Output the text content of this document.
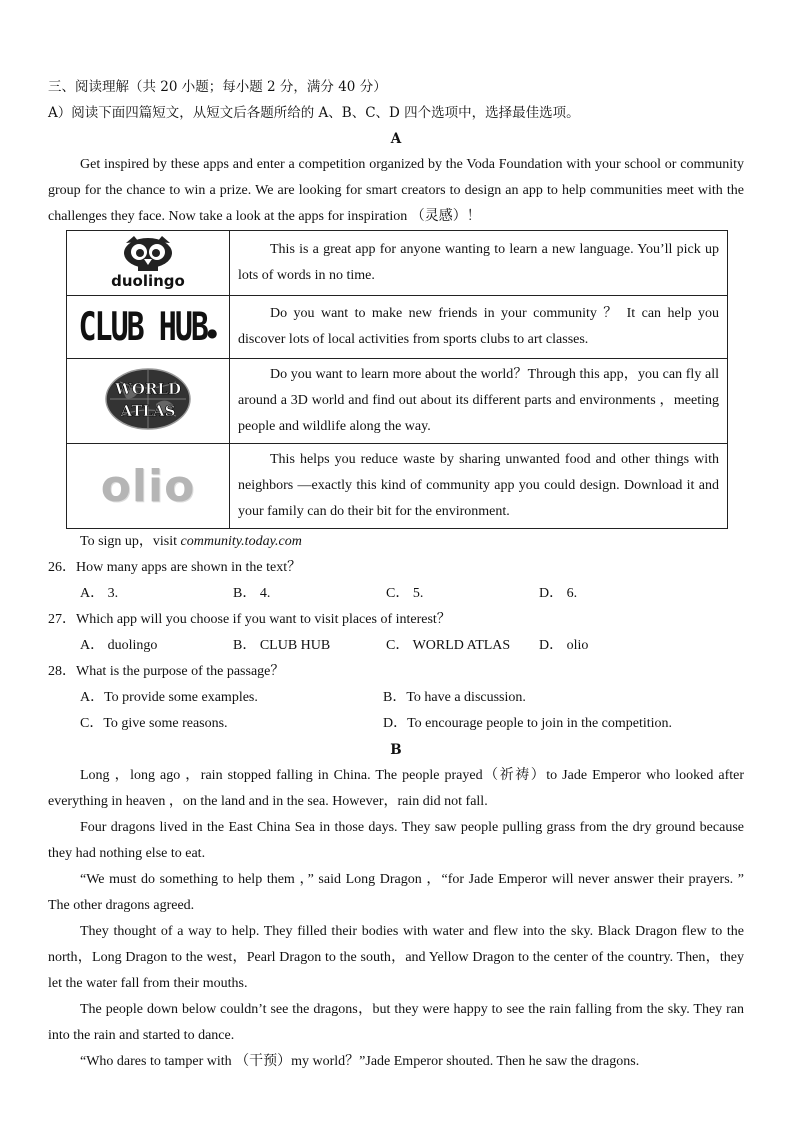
三、阅读理解（共 20 小题；每小题 2 分，满分 40 分）
A）阅读下面四篇短文，从短文后各题所给的 A、B、C、D 四个选项中，选择最佳选项。
A

Get inspired by these apps and enter a competition organized by the Voda Foundation with your school or community group for the chance to win a prize. We are looking for smart creators to design an app to help communities meet with the challenges they face. Now take a look at the apps for inspiration （灵感）！

duolingo	This is a great app for anyone wanting to learn a new language. You’ll pick up lots of words in no time.
CLUB HUB●	Do you want to make new friends in your community ？ It can help you discover lots of local activities from sports clubs to art classes.

WORLD
ATLAS	Do you want to learn more about the world？Through this app，you can fly all around a 3D world and find out about its different parts and environments ，meeting people and wildlife along the way.
olio	This helps you reduce waste by sharing unwanted food and other things with neighbors —exactly this kind of community app you could design. Download it and your family can do their bit for the environment.
To sign up，visit community.today.com
26．How many apps are shown in the text？
A． 3.	B． 4.	C． 5.	D． 6.
27．Which app will you choose if you want to visit places of interest？
A． duolingo	B． CLUB HUB	C． WORLD ATLAS	D． olio
28．What is the purpose of the passage？
A．To provide some examples.	B．To have a discussion.
C．To give some reasons.	D．To encourage people to join in the competition.
B

Long ，long ago ，rain stopped falling in China. The people prayed（祈祷）to Jade Emperor who looked after everything in heaven ，on the land and in the sea. However，rain did not fall.

Four dragons lived in the East China Sea in those days. They saw people pulling grass from the dry ground because they had nothing else to eat.

“We must do something to help them ，” said Long Dragon ，“for Jade Emperor will never answer their prayers. ” The other dragons agreed.

They thought of a way to help. They filled their bodies with water and flew into the sky. Black Dragon flew to the north，Long Dragon to the west，Pearl Dragon to the south，and Yellow Dragon to the center of the country. Then，they let the water fall from their mouths.

The people down below couldn’t see the dragons，but they were happy to see the rain falling from the sky. They ran into the rain and started to dance.

“Who dares to tamper with （干预）my world？”Jade Emperor shouted. Then he saw the dragons.
